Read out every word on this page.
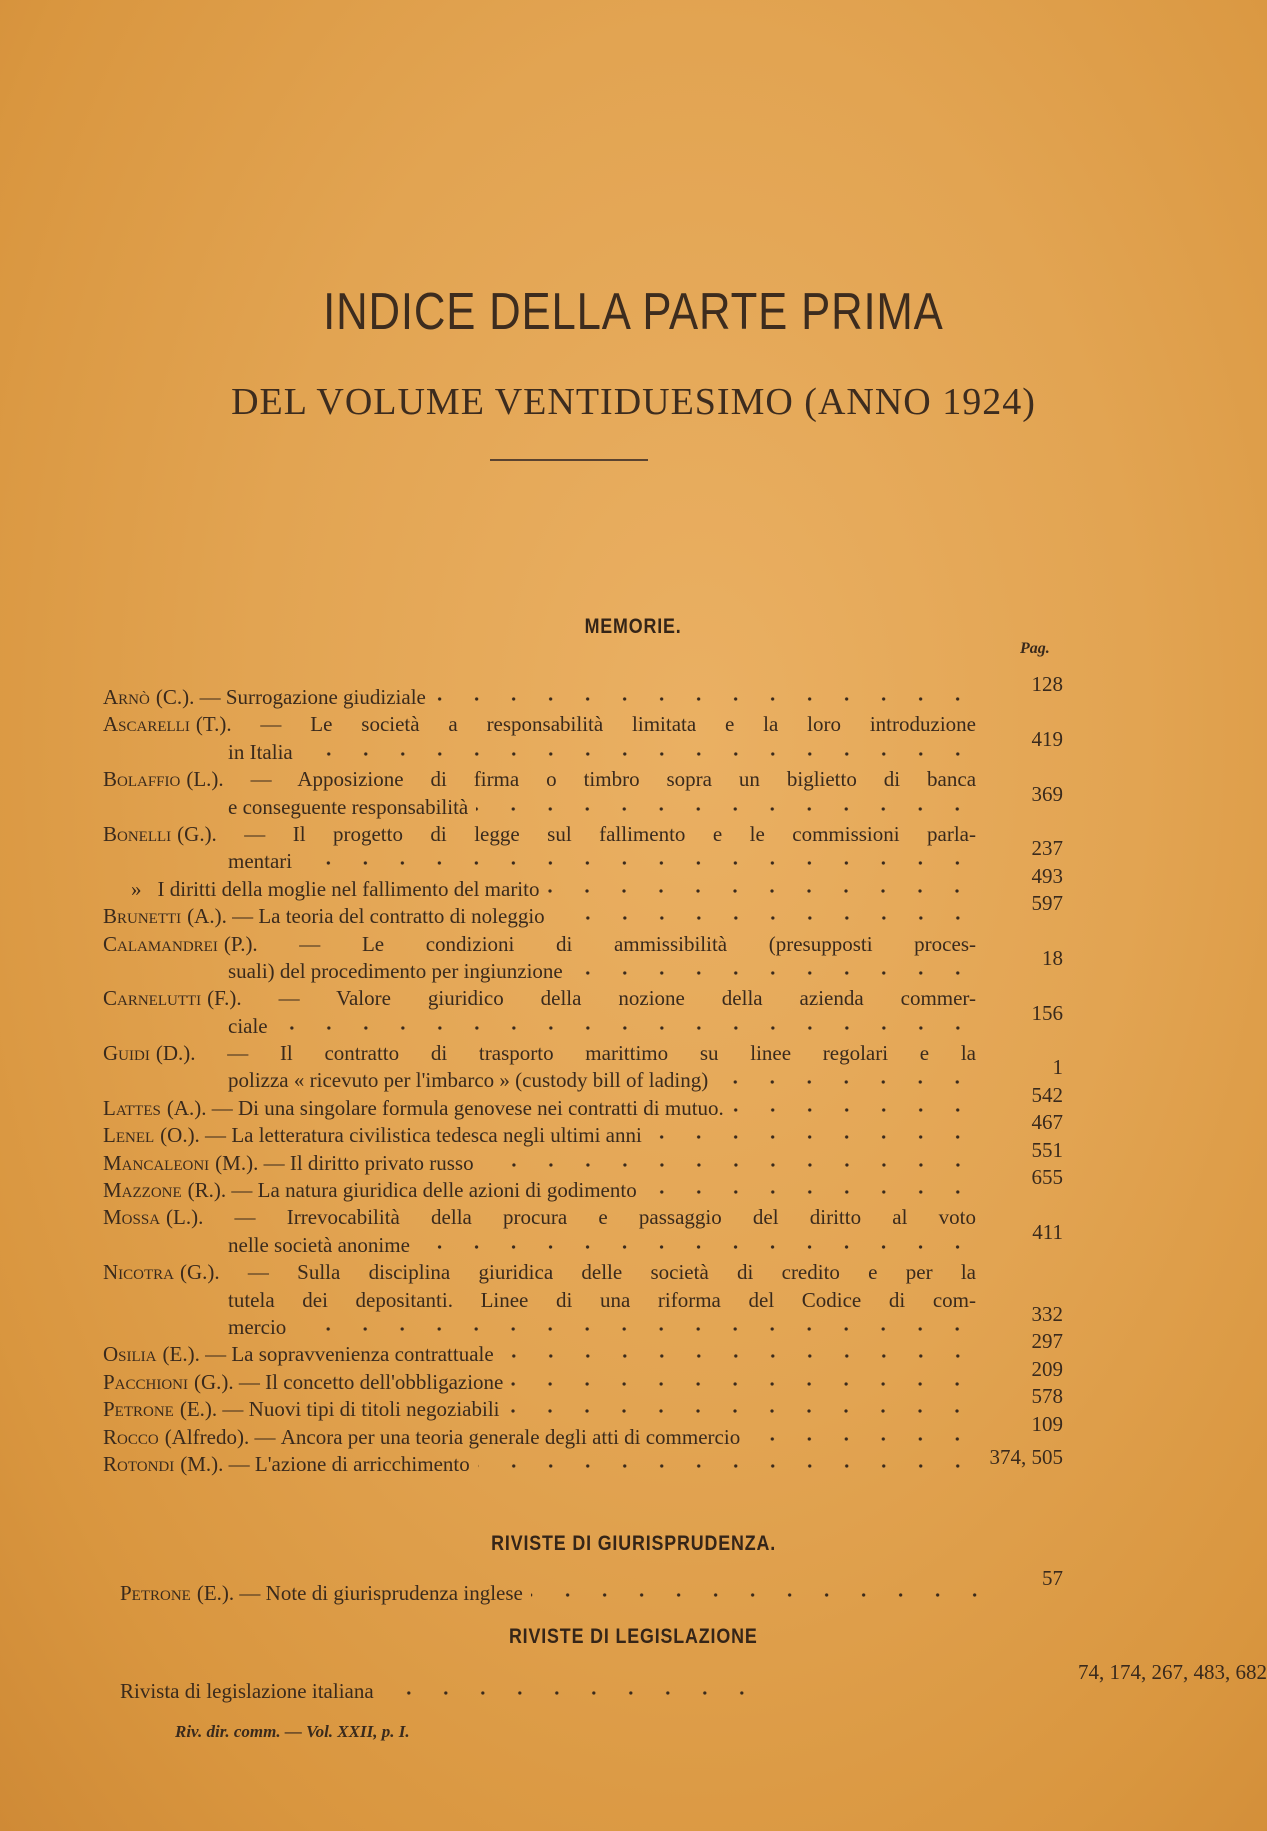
INDICE DELLA PARTE PRIMA
DEL VOLUME VENTIDUESIMO (ANNO 1924)
MEMORIE.
Pag.
Arnò (C.). — Surrogazione giudiziale
128
Ascarelli (T.). — Le società a responsabilità limitata e la loro introduzione
in Italia
419
Bolaffio (L.). — Apposizione di firma o timbro sopra un biglietto di banca
e conseguente responsabilità
369
Bonelli (G.). — Il progetto di legge sul fallimento e le commissioni parla-
mentari
237
» I diritti della moglie nel fallimento del marito
493
Brunetti (A.). — La teoria del contratto di noleggio
597
Calamandrei (P.). — Le condizioni di ammissibilità (presupposti proces-
suali) del procedimento per ingiunzione
18
Carnelutti (F.). — Valore giuridico della nozione della azienda commer-
ciale
156
Guidi (D.). — Il contratto di trasporto marittimo su linee regolari e la
polizza « ricevuto per l'imbarco » (custody bill of lading)
1
Lattes (A.). — Di una singolare formula genovese nei contratti di mutuo.
542
Lenel (O.). — La letteratura civilistica tedesca negli ultimi anni
467
Mancaleoni (M.). — Il diritto privato russo
551
Mazzone (R.). — La natura giuridica delle azioni di godimento
655
Mossa (L.). — Irrevocabilità della procura e passaggio del diritto al voto
nelle società anonime
411
Nicotra (G.). — Sulla disciplina giuridica delle società di credito e per la
tutela dei depositanti. Linee di una riforma del Codice di com-
mercio
332
Osilia (E.). — La sopravvenienza contrattuale
297
Pacchioni (G.). — Il concetto dell'obbligazione
209
Petrone (E.). — Nuovi tipi di titoli negoziabili
578
Rocco (Alfredo). — Ancora per una teoria generale degli atti di commercio
109
Rotondi (M.). — L'azione di arricchimento	374, 505
RIVISTE DI GIURISPRUDENZA.
Petrone (E.). — Note di giurisprudenza inglese
57
RIVISTE DI LEGISLAZIONE
Rivista di legislazione italiana
74, 174, 267, 483, 682
Riv. dir. comm. — Vol. XXII, p. I.
